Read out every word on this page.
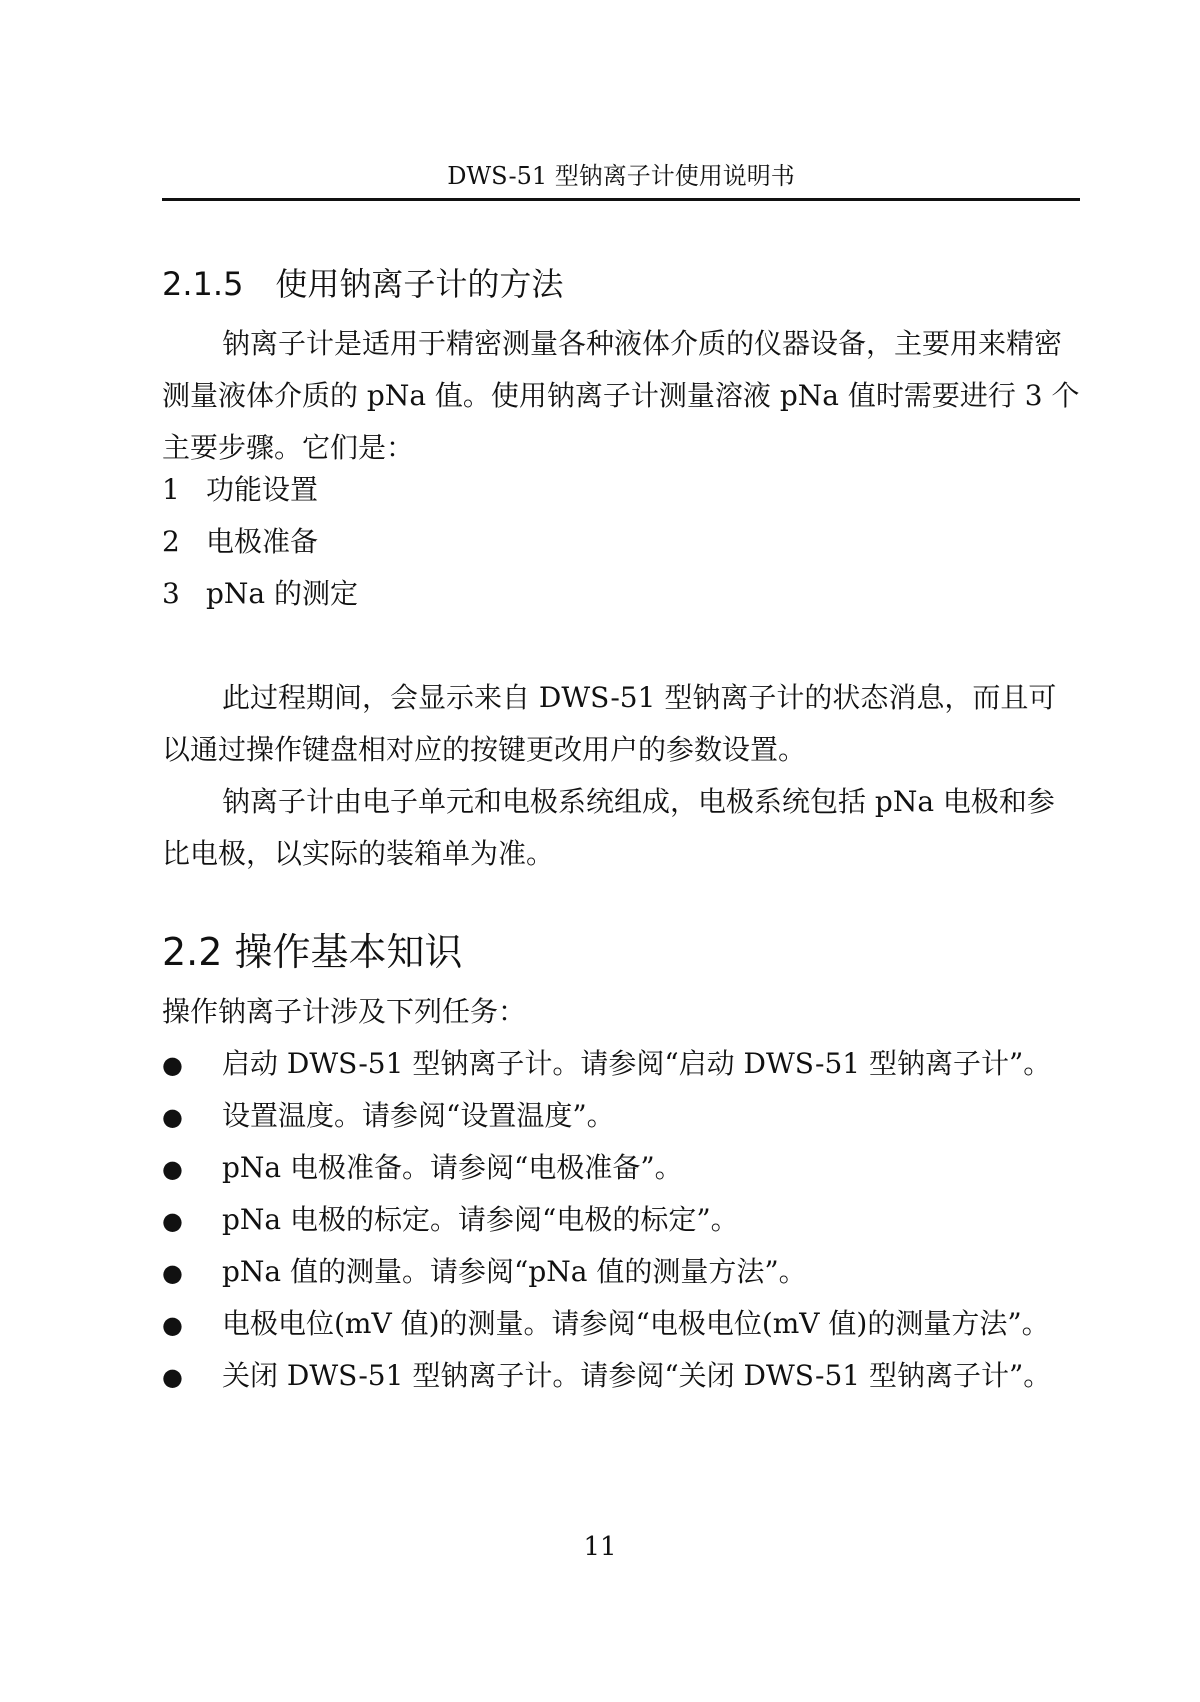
DWS-51 型钠离子计使用说明书
2.1.5　使用钠离子计的方法
钠离子计是适用于精密测量各种液体介质的仪器设备，主要用来精密测量液体介质的 pNa 值。使用钠离子计测量溶液 pNa 值时需要进行 3 个主要步骤。它们是：
1 功能设置
2 电极准备
3 pNa 的测定
此过程期间，会显示来自 DWS-51 型钠离子计的状态消息，而且可以通过操作键盘相对应的按键更改用户的参数设置。
钠离子计由电子单元和电极系统组成，电极系统包括 pNa 电极和参比电极，以实际的装箱单为准。
2.2 操作基本知识
操作钠离子计涉及下列任务：
● 启动 DWS-51 型钠离子计。请参阅“启动 DWS-51 型钠离子计”。
● 设置温度。请参阅“设置温度”。
● pNa 电极准备。请参阅“电极准备”。
● pNa 电极的标定。请参阅“电极的标定”。
● pNa 值的测量。请参阅“pNa 值的测量方法”。
● 电极电位(mV 值)的测量。请参阅“电极电位(mV 值)的测量方法”。
● 关闭 DWS-51 型钠离子计。请参阅“关闭 DWS-51 型钠离子计”。
11
